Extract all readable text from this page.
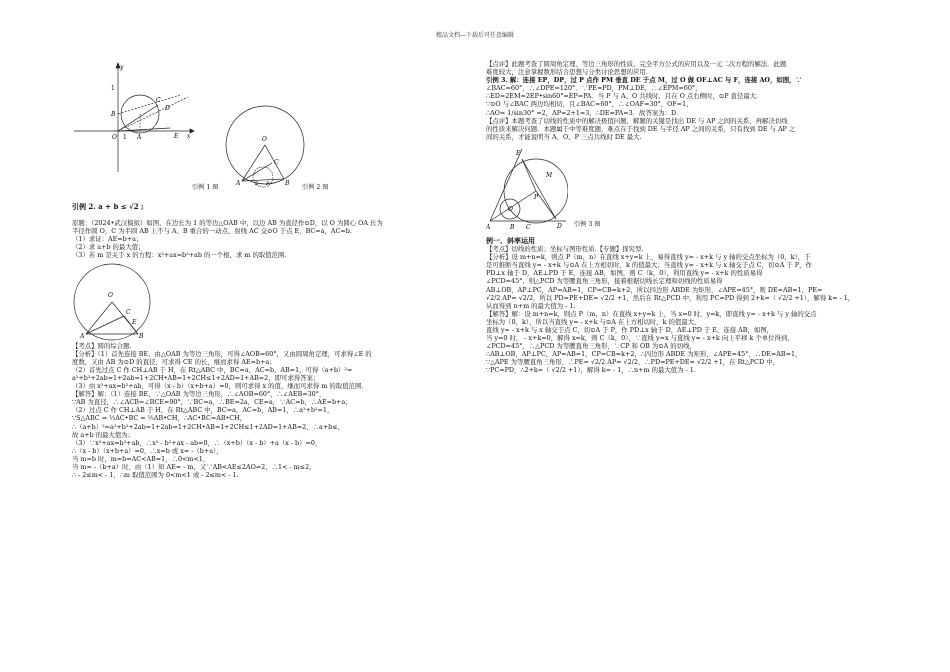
精品文档---下载后可任意编辑
y
B
1
C
D
O 1 A	E x
引例 1 图
O
C
A	B
E F	引例 2 图

引例 2. a + b ≤ √2 ;

原题：（2024•武汉模拟）如图，在边长为 1 的等边△OAB 中，以边 AB 为直径作⊙D，以 O 为圆心 OA 长为

半径作圆 O，C 为半圆 AB 上不与 A、B 重合的一动点，射线 AC 交⊙O 于点 E，BC=a，AC=b.

（1）求证：AE=b+a；

（2）求 a+b 的最大值；

（3）若 m 是关于 x 的方程：x²+ax=b²+ab 的一个根，求 m 的取值范围.

O
C
A	B
E

【考点】圆的综合题.

【分析】（1）首先连接 BE，由△OAB 为等边三角形，可得∠AOB=60°，又由圆周角定理，可求得∠E 的

度数，又由 AB 为⊙D 的直径，可求得 CE 的长，继而求得 AE=b+a；

（2）首先过点 C 作 CH⊥AB 于 H，在 Rt△ABC 中，BC=a，AC=b，AB=1，可得（a+b）²=

a²+b²+2ab=1+2ab=1+2CH•AB=1+2CH≤1+2AD=1+AB=2，即可求得答案；

（3）由 x²+ax=b²+ab，可得（x - b）（x+b+a）=0，则可求得 x 的值，继而可求得 m 的取值范围.

【解答】解：（1）连接 BE，∵△OAB 为等边三角形，∴∠AOB=60°，∴∠AEB=30°，

∵AB 为直径，∴∠ACB=∠BCE=90°，∵BC=a，∴BE=2a，CE=a，∵AC=b，∴AE=b+a；

（2）过点 C 作 CH⊥AB 于 H，在 Rt△ABC 中，BC=a，AC=b，AB=1，∴a²+b²=1，

∵S△ABC = ½AC•BC = ½AB•CH，∴AC•BC=AB•CH，

∴（a+b）²=a²+b²+2ab=1+2ab=1+2CH•AB=1+2CH≤1+2AD=1+AB=2，∴a+b≤，

故 a+b 的最大值为；

（3）∵x²+ax=b²+ab，∴x² - b²+ax - ab=0，∴（x+b）（x - b）+a（x - b）=0，

∴（x - b）（x+b+a）=0，∴x=b 或 x= -（b+a），

当 m=b 时，m=b=AC<AB=1，∴0<m<1，

当 m= -（b+a）时，由（1）知 AE= - m，又∵AB<AE≤2AO=2，∴1< - m≤2，

∴ - 2≤m< - 1，∴m 取值范围为 0<m<1 或 - 2≤m< - 1.

【点评】此题考查了圆周角定理、等边三角形的性质、完全平方公式的应用以及一元二次方程的解法．此题

难度较大，注意掌握数形结合思想与分类讨论思想的应用.

引例 3. 解：连接 EP，DP，过 P 点作 PM 垂直 DE 于点 M，过 O 做 OF⊥AC 与 F，连接 AO，如图，∵

∠BAC=60°，∴∠DPE=120°．∵PE=PD，PM⊥DE，∴∠EPM=60°，

∴ED=2EM=2EP•sin60°=EP=PA．当 P 与 A、O 共线时，且在 O 点右侧时，⊙P 直径最大.

∵⊙O 与∠BAC 两边均相切，且∠BAC=60°，∴∠OAF=30°，OF=1，

∴AO= 1/sin30° =2，AP=2+1=3，∴DE=PA=3．故答案为：D．

【点评】本题考查了切线的性质中的解决极值问题，解题的关键是找出 DE 与 AP 之间的关系，再解决切线

的性质来解决问题．本题属于中等难度题，难点在于找到 DE 与半径 AP 之间的关系，只有找到 DE 与 AP 之

间的关系，才能说明当 A、O、P 三点共线时 DE 最大.

E
M
A
O
P
B C	D 引例 3 图

例一、斜率运用

【考点】切线的性质；坐标与图形性质.【专题】探究型.

【分析】设 m+n=k，则点 P（m，n）在直线 x+y=k 上，易得直线 y= - x+k 与 y 轴的交点坐标为（0，k），于

是可推断当直线 y= - x+k 与⊙A 在上方相切时，k 的值最大；当直线 y= - x+k 与 x 轴交于点 C，切⊙A 于 P，作

PD⊥x 轴于 D，AE⊥PD 于 E，连接 AB，如图，则 C（k，0），利用直线 y= - x+k 的性质易得

∠PCD=45°，则△PCD 为等腰直角三角形，接着根据切线长定理和切线的性质易得

AB⊥OB，AP⊥PC，AP=AB=1，CP=CB=k+2，所以四边形 ABDE 为矩形，∠APE=45°，则 DE=AB=1，PE=

√2/2 AP= √2/2，所以 PD=PE+DE= √2/2 +1，然后在 Rt△PCD 中，利用 PC=PD 得到 2+k=（ √2/2 +1），解得 k= - 1，

从而得到 n+m 的最大值为 - 1.

【解答】解：设 m+n=k，则点 P（m，n）在直线 x+y=k 上，当 x=0 时，y=k，即直线 y= - x+k 与 y 轴的交点

坐标为（0，k），所以当直线 y= - x+k 与⊙A 在上方相切时，k 的值最大，

直线 y= - x+k 与 x 轴交于点 C，切⊙A 于 P，作 PD⊥x 轴于 D，AE⊥PD 于 E，连接 AB，如图，

当 y=0 时， - x+k=0，解得 x=k，则 C（k，0），∵直线 y=x 与直线 y= - x+k 向上平移 k 个单位得到，

∠PCD=45°，∴△PCD 为等腰直角三角形，∵CP 和 OB 为⊙A 的切线，

∴AB⊥OB，AP⊥PC，AP=AB=1，CP=CB=k+2，∴四边形 ABDE 为矩形，∠APE=45°，∴DE=AB=1，

∵△APE 为等腰直角三角形，∴PE= √2/2 AP= √2/2，∴PD=PE+DE= √2/2 +1，在 Rt△PCD 中，

∵PC=PD，∴2+k=（ √2/2 +1），解得 k= - 1，∴n+m 的最大值为 - 1.
